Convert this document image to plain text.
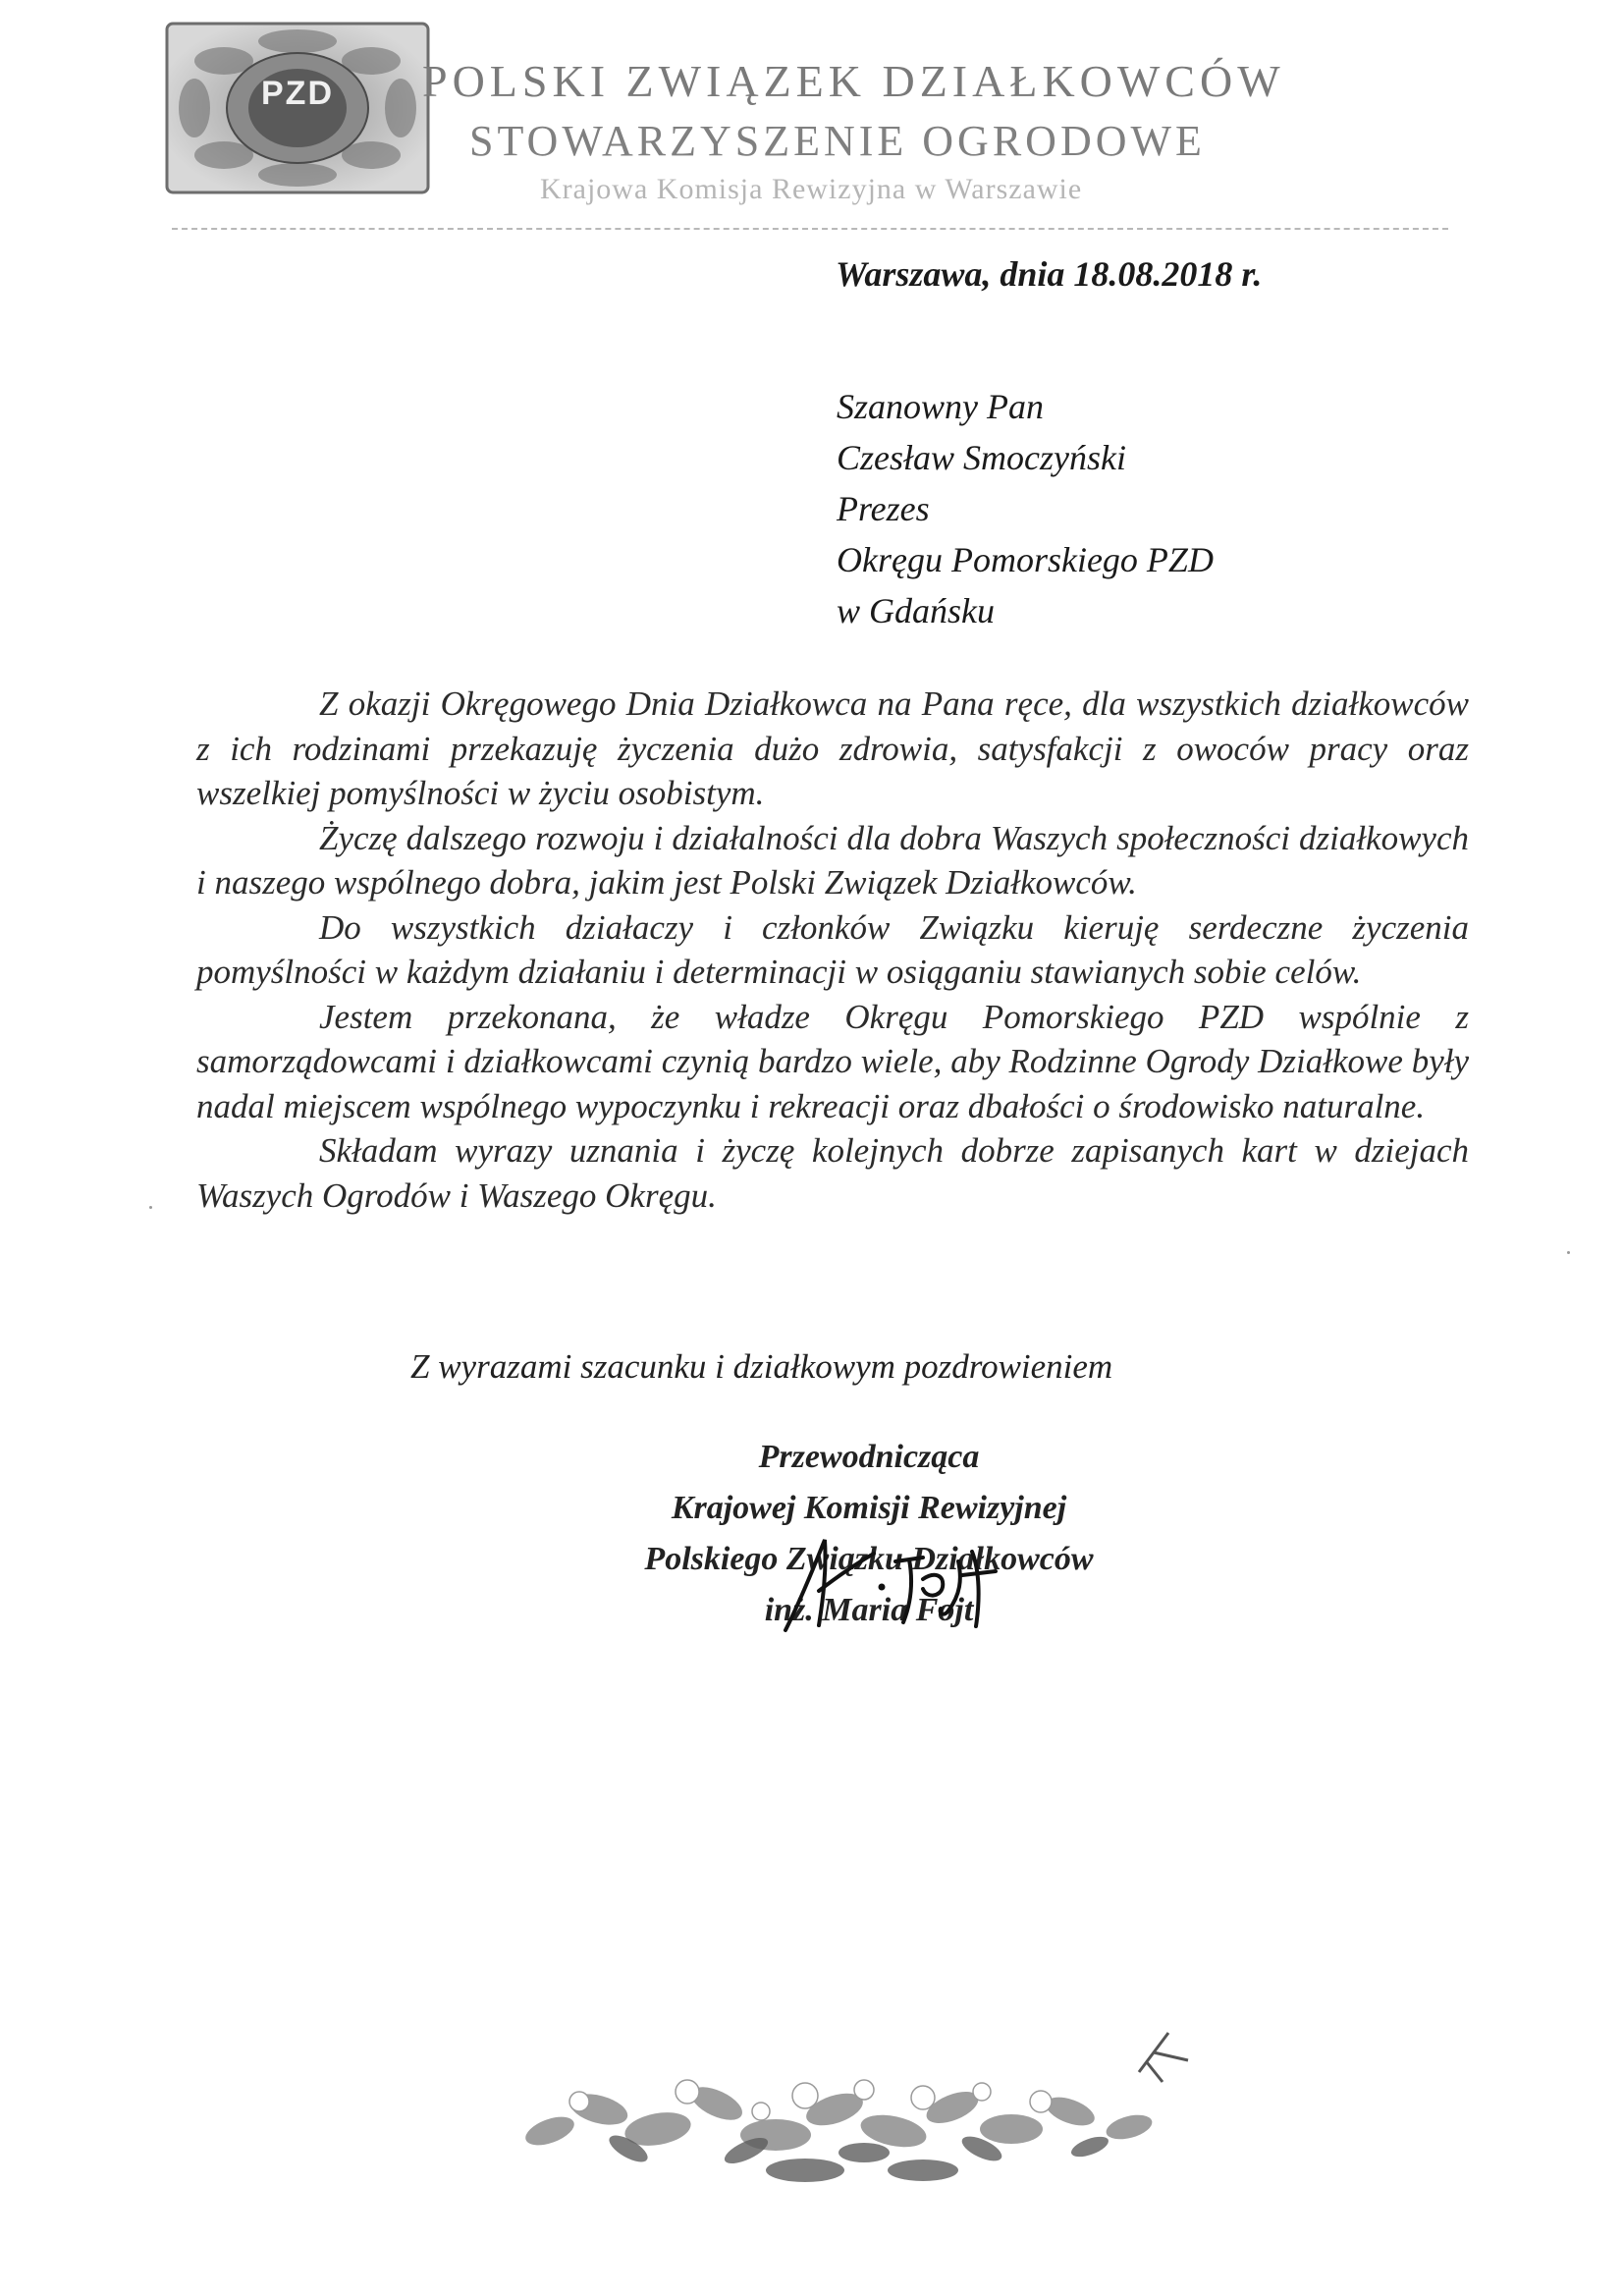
PZD POLSKI ZWIĄZEK DZIAŁKOWCÓW
STOWARZYSZENIE OGRODOWE
Krajowa Komisja Rewizyjna w Warszawie
Warszawa, dnia 18.08.2018 r.
Szanowny Pan
Czesław Smoczyński
Prezes
Okręgu Pomorskiego PZD
w Gdańsku

Z okazji Okręgowego Dnia Działkowca na Pana ręce, dla wszystkich działkowców z ich rodzinami przekazuję życzenia dużo zdrowia, satysfakcji z owoców pracy oraz wszelkiej pomyślności w życiu osobistym.

Życzę dalszego rozwoju i działalności dla dobra Waszych społeczności działkowych i naszego wspólnego dobra, jakim jest Polski Związek Działkowców.

Do wszystkich działaczy i członków Związku kieruję serdeczne życzenia pomyślności w każdym działaniu i determinacji w osiąganiu stawianych sobie celów.

Jestem przekonana, że władze Okręgu Pomorskiego PZD wspólnie z samorządowcami i działkowcami czynią bardzo wiele, aby Rodzinne Ogrody Działkowe były nadal miejscem wspólnego wypoczynku i rekreacji oraz dbałości o środowisko naturalne.

Składam wyrazy uznania i życzę kolejnych dobrze zapisanych kart w dziejach Waszych Ogrodów i Waszego Okręgu.

Z wyrazami szacunku i działkowym pozdrowieniem
Przewodnicząca
Krajowej Komisji Rewizyjnej
Polskiego Związku Działkowców
inż. Maria Fojt
